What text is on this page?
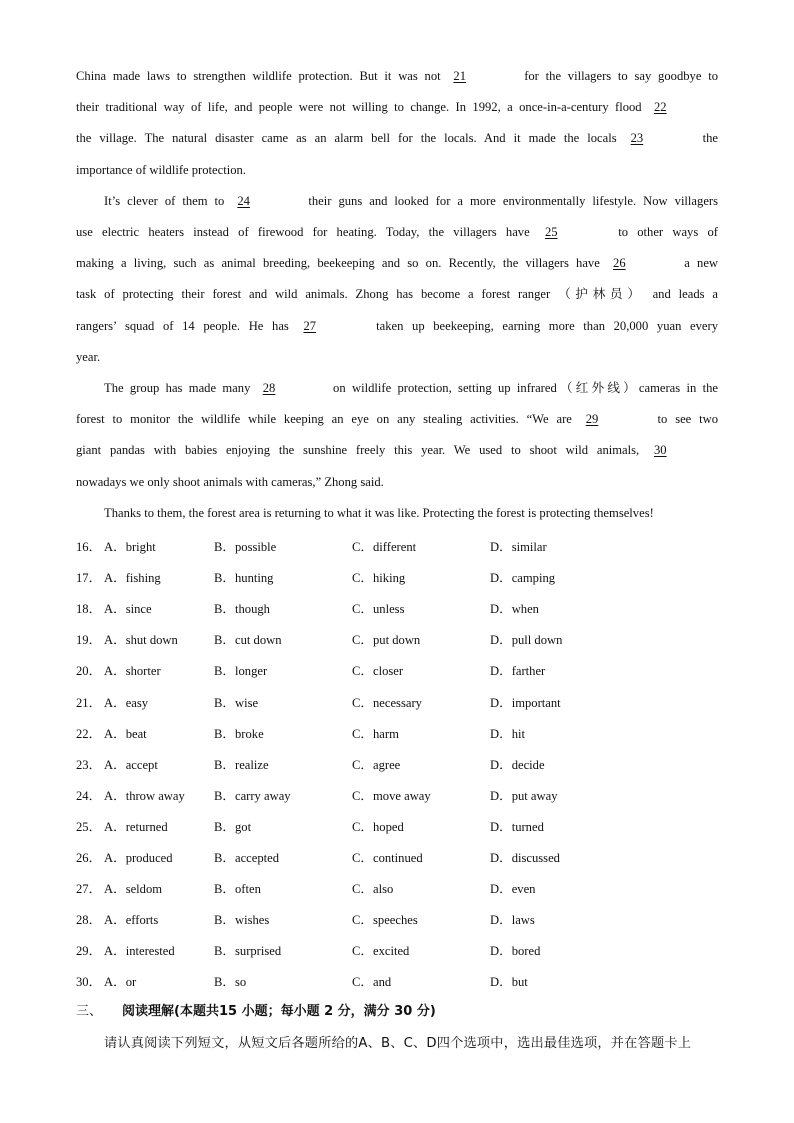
China made laws to strengthen wildlife protection. But it was not 21	for the villagers to say goodbye to
their traditional way of life, and people were not willing to change. In 1992, a once-in-a-century flood 22
the village. The natural disaster came as an alarm bell for the locals. And it made the locals 23	the
importance of wildlife protection.
It’s clever of them to 24	their guns and looked for a more environmentally lifestyle. Now villagers
use electric heaters instead of firewood for heating. Today, the villagers have 25	to other ways of
making a living, such as animal breeding, beekeeping and so on. Recently, the villagers have 26	a new
task of protecting their forest and wild animals. Zhong has become a forest ranger （护林员） and leads a
rangers’ squad of 14 people. He has 27	taken up beekeeping, earning more than 20,000 yuan every
year.
The group has made many 28	on wildlife protection, setting up infrared（红外线）cameras in the
forest to monitor the wildlife while keeping an eye on any stealing activities. “We are 29	to see two
giant pandas with babies enjoying the sunshine freely this year. We used to shoot wild animals, 30
nowadays we only shoot animals with cameras,” Zhong said.
Thanks to them, the forest area is returning to what it was like. Protecting the forest is protecting themselves!
16． A．bright	B．possible	C．different	D．similar
17． A．fishing	B．hunting	C．hiking	D．camping
18． A．since	B．though	C．unless	D．when
19． A．shut down	B．cut down	C．put down	D．pull down
20． A．shorter	B．longer	C．closer	D．farther
21． A．easy	B．wise	C．necessary	D．important
22． A．beat	B．broke	C．harm	D．hit
23． A．accept	B．realize	C．agree	D．decide
24． A．throw away B．carry away	C．move away	D．put away
25． A．returned	B．got	C．hoped	D．turned
26． A．produced	B．accepted	C．continued	D．discussed
27． A．seldom	B．often	C．also	D．even
28． A．efforts	B．wishes	C．speeches	D．laws
29． A．interested	B．surprised	C．excited	D．bored
30． A．or	B．so	C．and	D．but
三、 阅读理解(本题共15 小题；每小题 2 分，满分 30 分)
请认真阅读下列短文，从短文后各题所给的A、B、C、D四个选项中，选出最佳选项，并在答题卡上
